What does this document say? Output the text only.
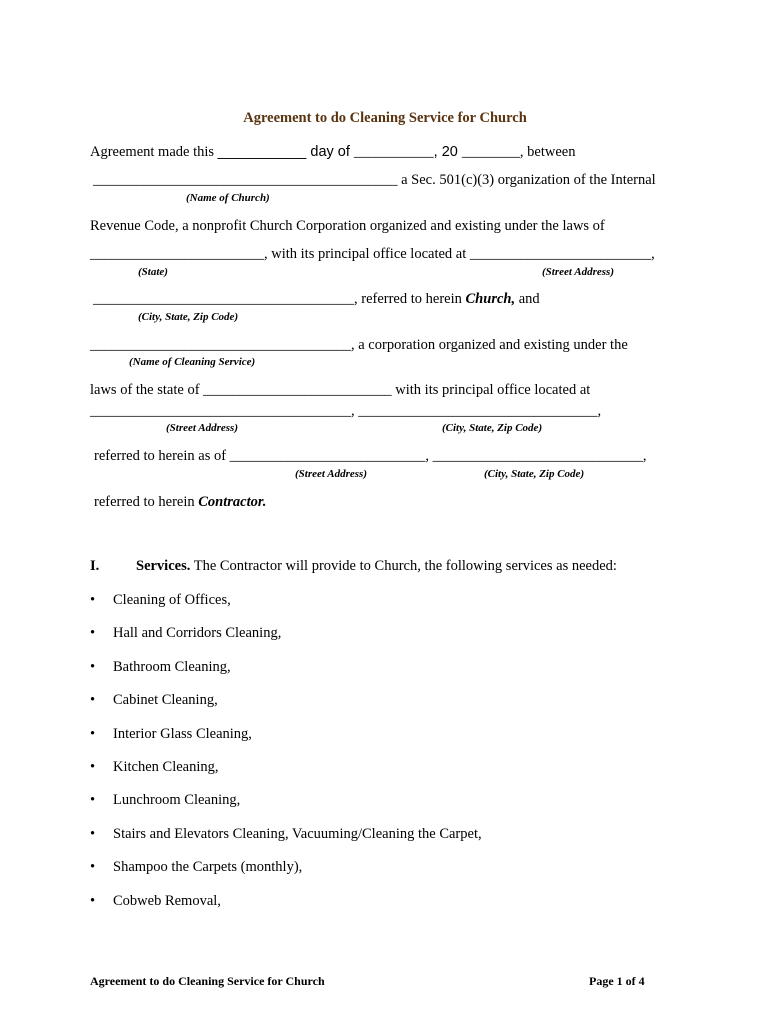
Agreement to do Cleaning Service for Church
Agreement made this ___________ day of ___________, 20 ________, between
__________________________________________ a Sec. 501(c)(3) organization of the Internal
(Name of Church)
Revenue Code, a nonprofit Church Corporation organized and existing under the laws of
________________________, with its principal office located at _________________________,
(State)	(Street Address)
____________________________________, referred to herein Church, and
(City, State, Zip Code)
____________________________________, a corporation organized and existing under the
(Name of Cleaning Service)
laws of the state of __________________________ with its principal office located at
____________________________________, _________________________________,
(Street Address)	(City, State, Zip Code)
referred to herein as of ___________________________, _____________________________,
(Street Address)	(City, State, Zip Code)
referred to herein Contractor.
I.	Services. The Contractor will provide to Church, the following services as needed:
• Cleaning of Offices,
• Hall and Corridors Cleaning,
• Bathroom Cleaning,
• Cabinet Cleaning,
• Interior Glass Cleaning,
• Kitchen Cleaning,
• Lunchroom Cleaning,
• Stairs and Elevators Cleaning, Vacuuming/Cleaning the Carpet,
• Shampoo the Carpets (monthly),
• Cobweb Removal,
Agreement to do Cleaning Service for Church	Page 1 of 4
